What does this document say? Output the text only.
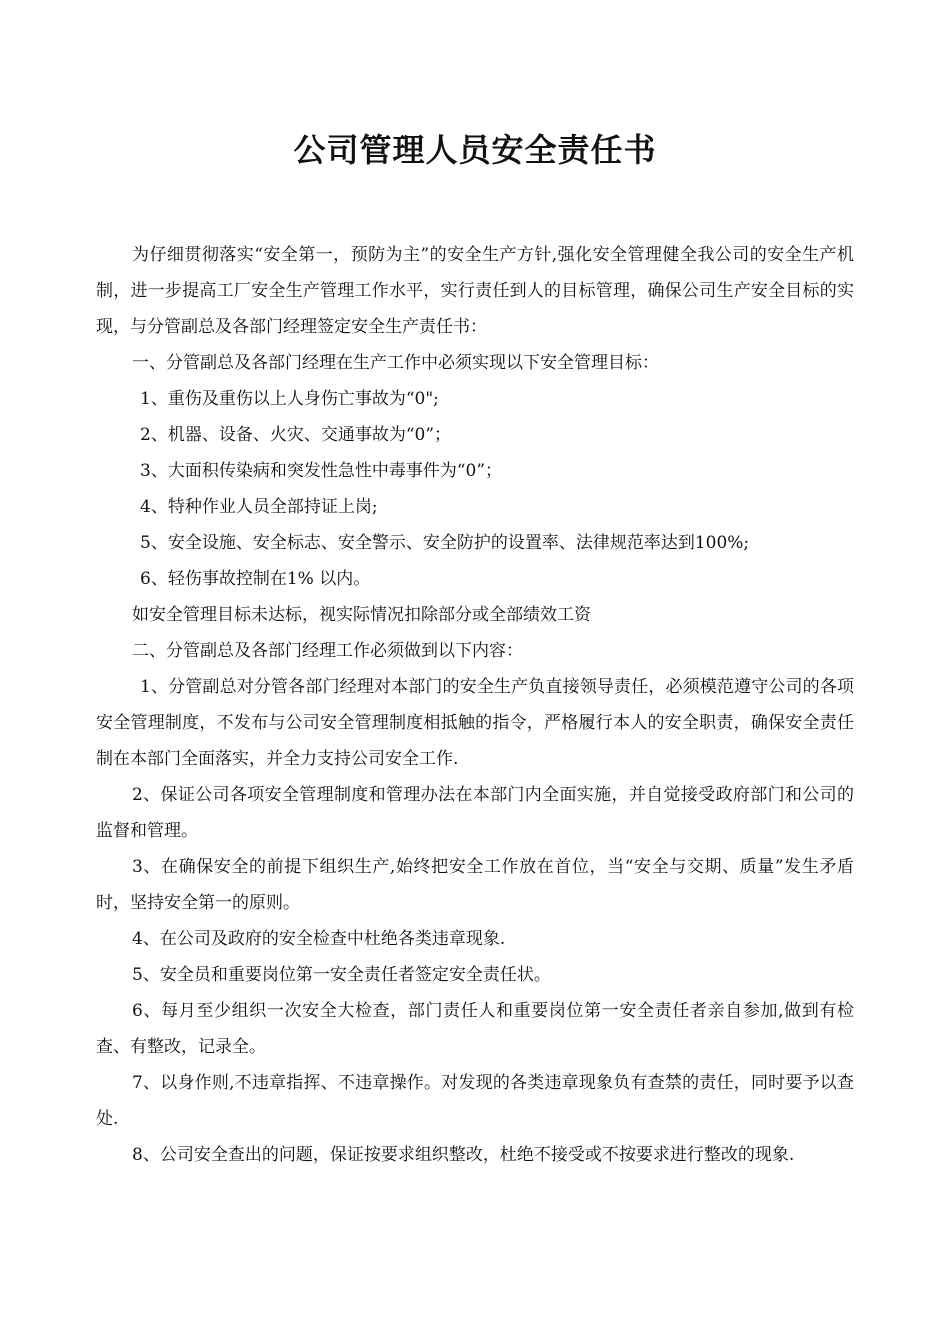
公司管理人员安全责任书

为仔细贯彻落实“安全第一，预防为主”的安全生产方针,强化安全管理健全我公司的安全生产机制，进一步提高工厂安全生产管理工作水平，实行责任到人的目标管理，确保公司生产安全目标的实现，与分管副总及各部门经理签定安全生产责任书：

一、分管副总及各部门经理在生产工作中必须实现以下安全管理目标：

1、重伤及重伤以上人身伤亡事故为“0";

2、机器、设备、火灾、交通事故为“0”；

3、大面积传染病和突发性急性中毒事件为“0”；

4、特种作业人员全部持证上岗;

5、安全设施、安全标志、安全警示、安全防护的设置率、法律规范率达到100%;

6、轻伤事故控制在1% 以内。

如安全管理目标未达标，视实际情况扣除部分或全部绩效工资

二、分管副总及各部门经理工作必须做到以下内容：

1、分管副总对分管各部门经理对本部门的安全生产负直接领导责任，必须模范遵守公司的各项安全管理制度，不发布与公司安全管理制度相抵触的指令，严格履行本人的安全职责，确保安全责任制在本部门全面落实，并全力支持公司安全工作.

2、保证公司各项安全管理制度和管理办法在本部门内全面实施，并自觉接受政府部门和公司的监督和管理。

3、在确保安全的前提下组织生产,始终把安全工作放在首位，当“安全与交期、质量”发生矛盾时，坚持安全第一的原则。

4、在公司及政府的安全检查中杜绝各类违章现象.

5、安全员和重要岗位第一安全责任者签定安全责任状。

6、每月至少组织一次安全大检查，部门责任人和重要岗位第一安全责任者亲自参加,做到有检查、有整改，记录全。

7、以身作则,不违章指挥、不违章操作。对发现的各类违章现象负有查禁的责任，同时要予以查处.

8、公司安全查出的问题，保证按要求组织整改，杜绝不接受或不按要求进行整改的现象.
